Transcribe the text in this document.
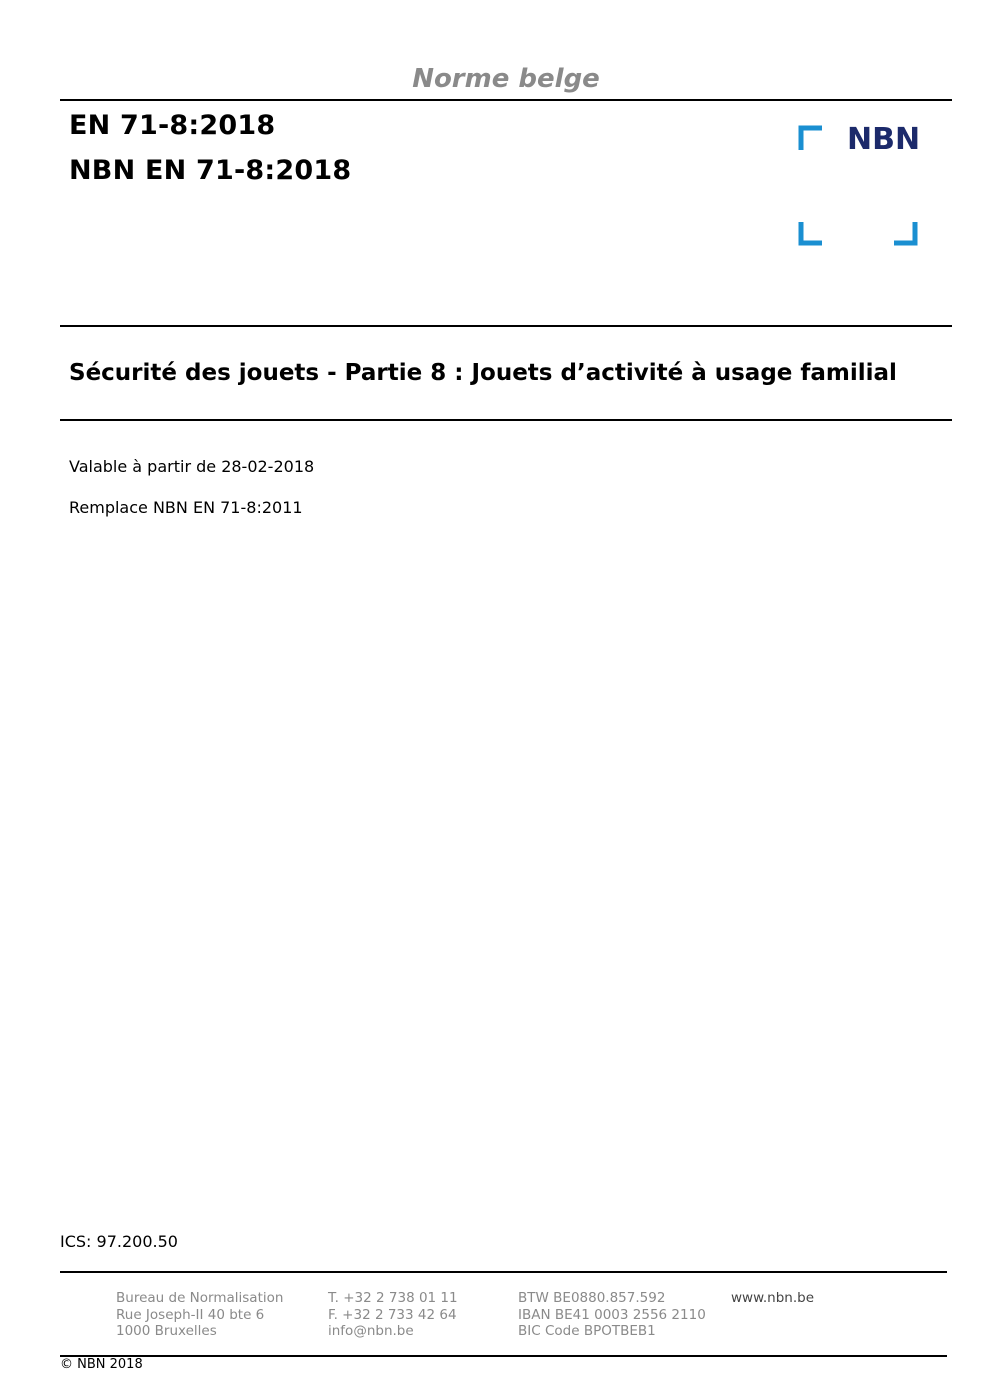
Norme belge
EN 71-8:2018
NBN EN 71-8:2018
NBN
Sécurité des jouets - Partie 8 : Jouets d’activité à usage familial
Valable à partir de 28-02-2018
Remplace NBN EN 71-8:2011
ICS: 97.200.50
Bureau de Normalisation
Rue Joseph-II 40 bte 6
1000 Bruxelles
T. +32 2 738 01 11
F. +32 2 733 42 64
info@nbn.be
BTW BE0880.857.592
IBAN BE41 0003 2556 2110
BIC Code BPOTBEB1
www.nbn.be
© NBN 2018
